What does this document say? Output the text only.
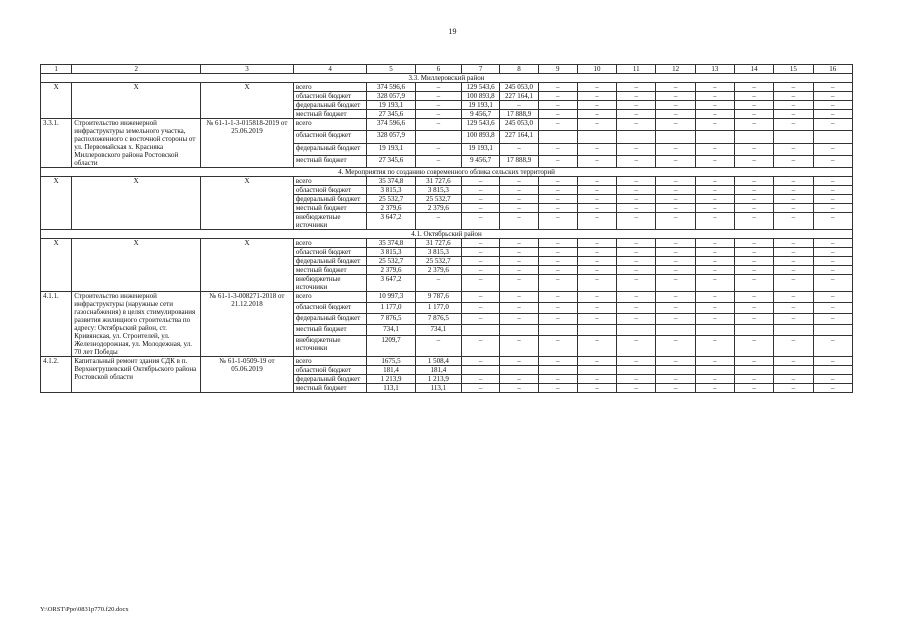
19
1	2	3	4	5	6	7	8	9	10	11	12	13	14	15	16
3.3. Миллеровский район															
Х	Х	Х	всего	374 596,6	–	129 543,6	245 053,0	–	–	–	–	–	–	–	–
			областной бюджет	328 057,9	–	100 893,8	227 164,1	–	–	–	–	–	–	–	–
			федеральный бюджет	19 193,1	–	19 193,1	–	–	–	–	–	–	–	–	–
			местный бюджет	27 345,6	–	9 456,7	17 888,9	–	–	–	–	–	–	–	–
3.3.1.	Строительство инженерной инфраструктуры земельного участка, расположенного с восточной стороны от ул. Первомайская х. Красняка Миллеровского района Ростовской области	№ 61-1-1-3-015818-2019 от 25.06.2019	всего	374 596,6	–	129 543,6	245 053,0	–	–	–	–	–	–	–	–
			областной бюджет	328 057,9		100 893,8	227 164,1								
			федеральный бюджет	19 193,1	–	19 193,1	–	–	–	–	–	–	–	–	–
			местный бюджет	27 345,6	–	9 456,7	17 888,9	–	–	–	–	–	–	–	–
4. Мероприятия по созданию современного облика сельских территорий															
Х	Х	Х	всего	35 374,8	31 727,6	–	–	–	–	–	–	–	–	–	–
			областной бюджет	3 815,3	3 815,3	–	–	–	–	–	–	–	–	–	–
			федеральный бюджет	25 532,7	25 532,7	–	–	–	–	–	–	–	–	–	–
			местный бюджет	2 379,6	2 379,6	–	–	–	–	–	–	–	–	–	–
			внебюджетные источники	3 647,2	–	–	–	–	–	–	–	–	–	–	–
4.1. Октябрьский район															
Х	Х	Х	всего	35 374,8	31 727,6	–	–	–	–	–	–	–	–	–	–
			областной бюджет	3 815,3	3 815,3	–	–	–	–	–	–	–	–	–	–
			федеральный бюджет	25 532,7	25 532,7	–	–	–	–	–	–	–	–	–	–
			местный бюджет	2 379,6	2 379,6	–	–	–	–	–	–	–	–	–	–
			внебюджетные источники	3 647,2	–	–	–	–	–	–	–	–	–	–	–
4.1.1.	Строительство инженерной инфраструктуры (наружные сети газоснабжения) в целях стимулирования развития жилищного строительства по адресу: Октябрьский район, ст. Кривянская, ул. Строителей, ул. Железнодорожная, ул. Молодежная, ул. 70 лет Победы	№ 61-1-3-008271-2018 от 21.12.2018	всего	10 997,3	9 787,6	–	–	–	–	–	–	–	–	–	–
			областной бюджет	1 177,0	1 177,0	–	–	–	–	–	–	–	–	–	–
			федеральный бюджет	7 876,5	7 876,5	–	–	–	–	–	–	–	–	–	–
			местный бюджет	734,1	734,1										
			внебюджетные источники	1209,7	–	–	–	–	–	–	–	–	–	–	–
4.1.2.	Капитальный ремонт здания СДК в п. Верхнегрушевский Октябрьского района Ростовской области	№ 61-1-0509-19 от 05.06.2019	всего	1675,5	1 508,4	–	–	–	–	–	–	–	–	–	–
			областной бюджет	181,4	181,4										
			федеральный бюджет	1 213,9	1 213,9	–	–	–	–	–	–	–	–	–	–
			местный бюджет	113,1	113,1	–	–	–	–	–	–	–	–	–	–
Y:\ORST\Ppo\0831p770.f20.docx
